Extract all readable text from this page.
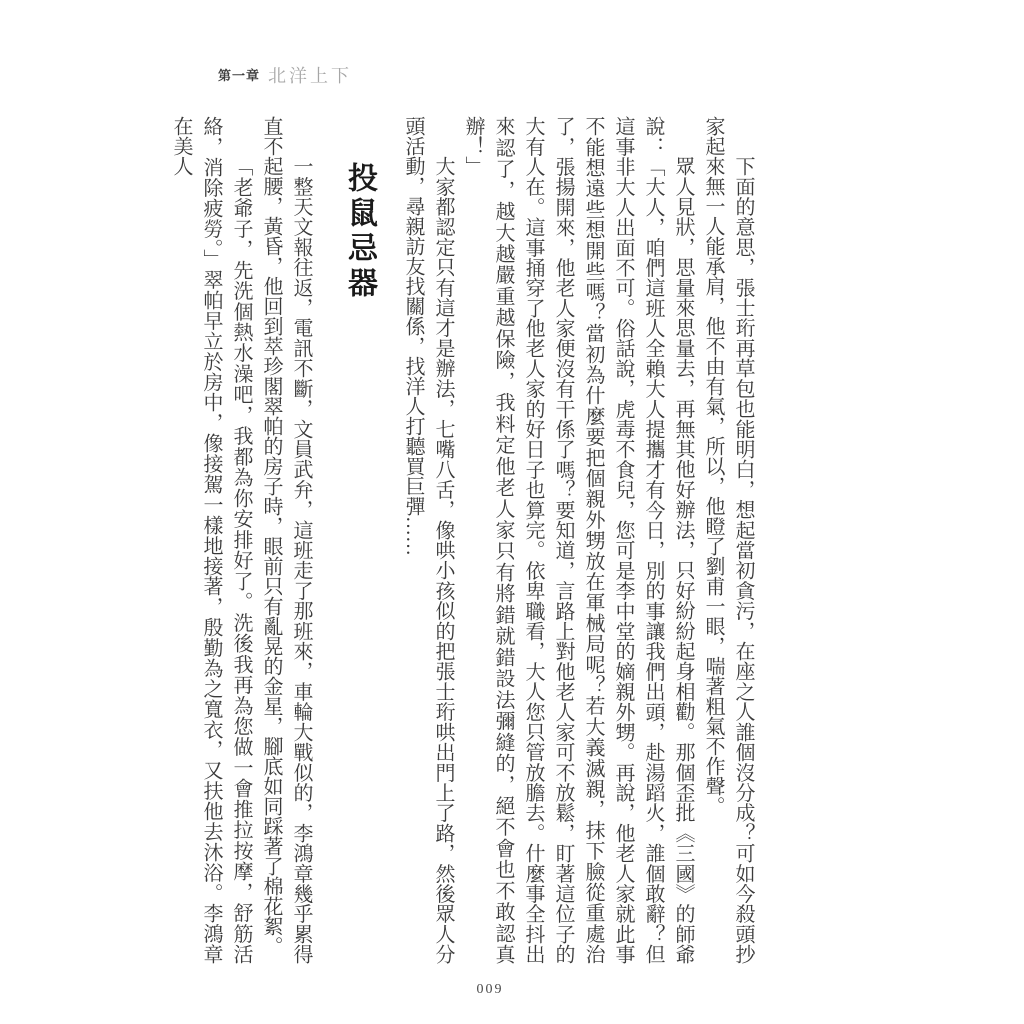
第一章 北洋上下

下面的意思，張士珩再草包也能明白，想起當初貪污，在座之人誰個沒分成？可如今殺頭抄家起來無一人能承肩，他不由有氣，所以，他瞪了劉甫一眼，喘著粗氣不作聲。

眾人見狀，思量來思量去，再無其他好辦法，只好紛紛起身相勸。那個歪批《三國》的師爺說：「大人，咱們這班人全賴大人提攜才有今日，別的事讓我們出頭，赴湯蹈火，誰個敢辭？但這事非大人出面不可。俗話說，虎毒不食兒，您可是李中堂的嫡親外甥。再說，他老人家就此事不能想遠些想開些嗎？當初為什麼要把個親外甥放在軍械局呢？若大義滅親，抹下臉從重處治了，張揚開來，他老人家便沒有干係了嗎？要知道，言路上對他老人家可不放鬆，盯著這位子的大有人在。這事捅穿了他老人家的好日子也算完。依卑職看，大人您只管放膽去。什麼事全抖出來認了，越大越嚴重越保險，我料定他老人家只有將錯就錯設法彌縫的，絕不會也不敢認真辦！」

大家都認定只有這才是辦法，七嘴八舌，像哄小孩似的把張士珩哄出門上了路，然後眾人分頭活動，尋親訪友找關係，找洋人打聽買巨彈……

投鼠忌器

一整天文報往返，電訊不斷，文員武弁，這班走了那班來，車輪大戰似的，李鴻章幾乎累得直不起腰，黃昏，他回到萃珍閣翠帕的房子時，眼前只有亂晃的金星，腳底如同踩著了棉花絮。

「老爺子，先洗個熱水澡吧，我都為你安排好了。洗後我再為您做一會推拉按摩，舒筋活絡，消除疲勞。」翠帕早立於房中，像接駕一樣地接著，殷勤為之寬衣，又扶他去沐浴。李鴻章在美人

009
